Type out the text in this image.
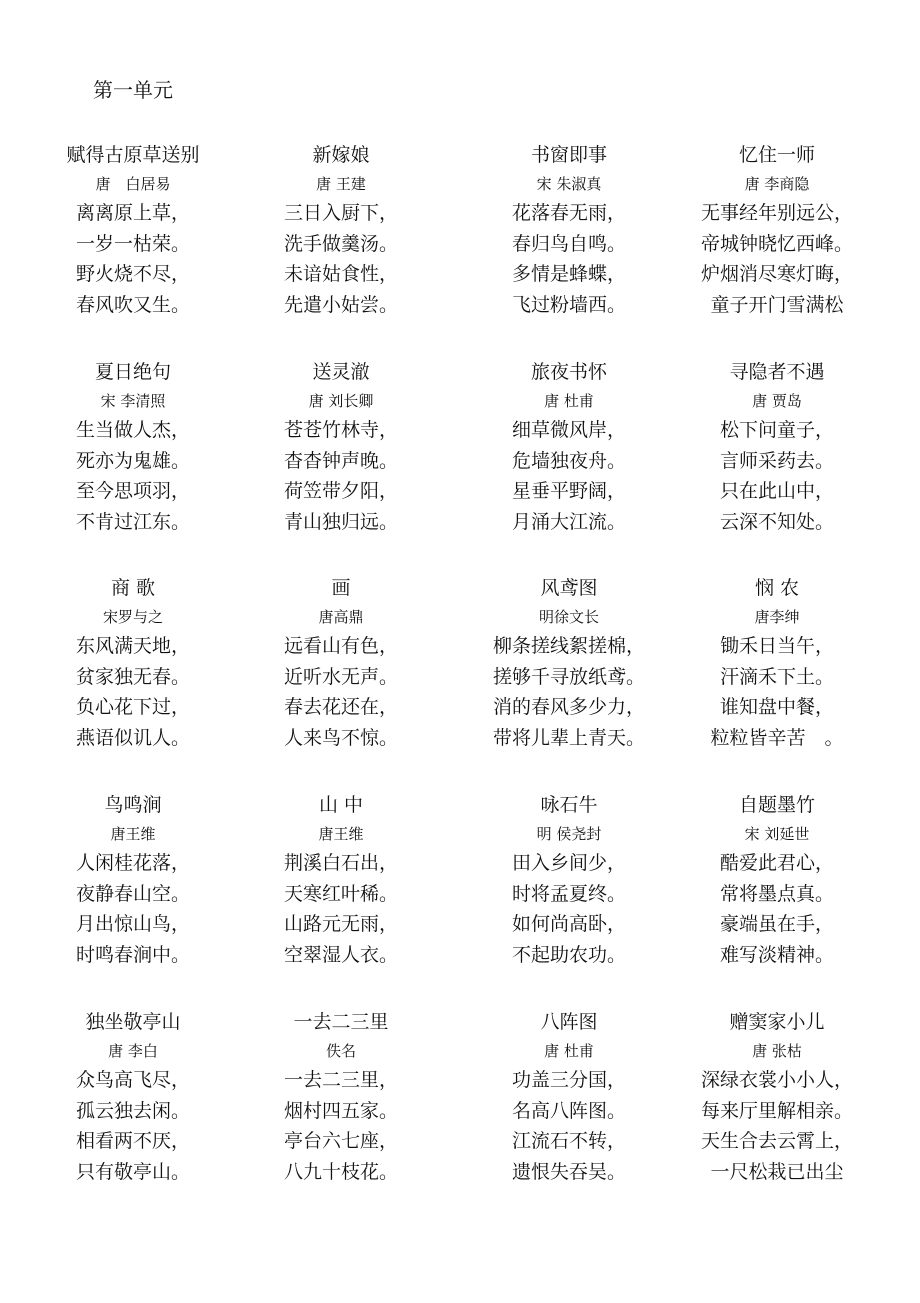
第一单元
赋得古原草送别
唐　白居易
离离原上草，
一岁一枯荣。
野火烧不尽，
春风吹又生。
新嫁娘
唐 王建
三日入厨下，
洗手做羹汤。
未谙姑食性，
先遣小姑尝。
书窗即事
宋 朱淑真
花落春无雨，
春归鸟自鸣。
多情是蜂蝶，
飞过粉墙西。
忆住一师
唐 李商隐
无事经年别远公，
帝城钟晓忆西峰。
炉烟消尽寒灯晦，
童子开门雪满松
夏日绝句
宋 李清照
生当做人杰，
死亦为鬼雄。
至今思项羽，
不肯过江东。
送灵澈
唐 刘长卿
苍苍竹林寺，
杳杳钟声晚。
荷笠带夕阳，
青山独归远。
旅夜书怀
唐 杜甫
细草微风岸，
危墙独夜舟。
星垂平野阔，
月涌大江流。
寻隐者不遇
唐 贾岛
松下问童子，
言师采药去。
只在此山中，
云深不知处。
商 歌
宋罗与之
东风满天地，
贫家独无春。
负心花下过，
燕语似讥人。
画
唐高鼎
远看山有色，
近听水无声。
春去花还在，
人来鸟不惊。
风鸢图
明徐文长
柳条搓线絮搓棉，
搓够千寻放纸鸢。
消的春风多少力，
带将儿辈上青天。
悯 农
唐李绅
锄禾日当午，
汗滴禾下土。
谁知盘中餐，
粒粒皆辛苦　。
鸟鸣涧
唐王维
人闲桂花落，
夜静春山空。
月出惊山鸟，
时鸣春涧中。
山 中
唐王维
荆溪白石出，
天寒红叶稀。
山路元无雨，
空翠湿人衣。
咏石牛
明 侯尧封
田入乡间少，
时将孟夏终。
如何尚高卧，
不起助农功。
自题墨竹
宋 刘延世
酷爱此君心，
常将墨点真。
豪端虽在手，
难写淡精神。
独坐敬亭山
唐 李白
众鸟高飞尽，
孤云独去闲。
相看两不厌，
只有敬亭山。
一去二三里
佚名
一去二三里，
烟村四五家。
亭台六七座，
八九十枝花。
八阵图
唐 杜甫
功盖三分国，
名高八阵图。
江流石不转，
遗恨失吞吴。
赠窦家小儿
唐 张枯
深绿衣裳小小人，
每来厅里解相亲。
天生合去云霄上，
一尺松栽已出尘
